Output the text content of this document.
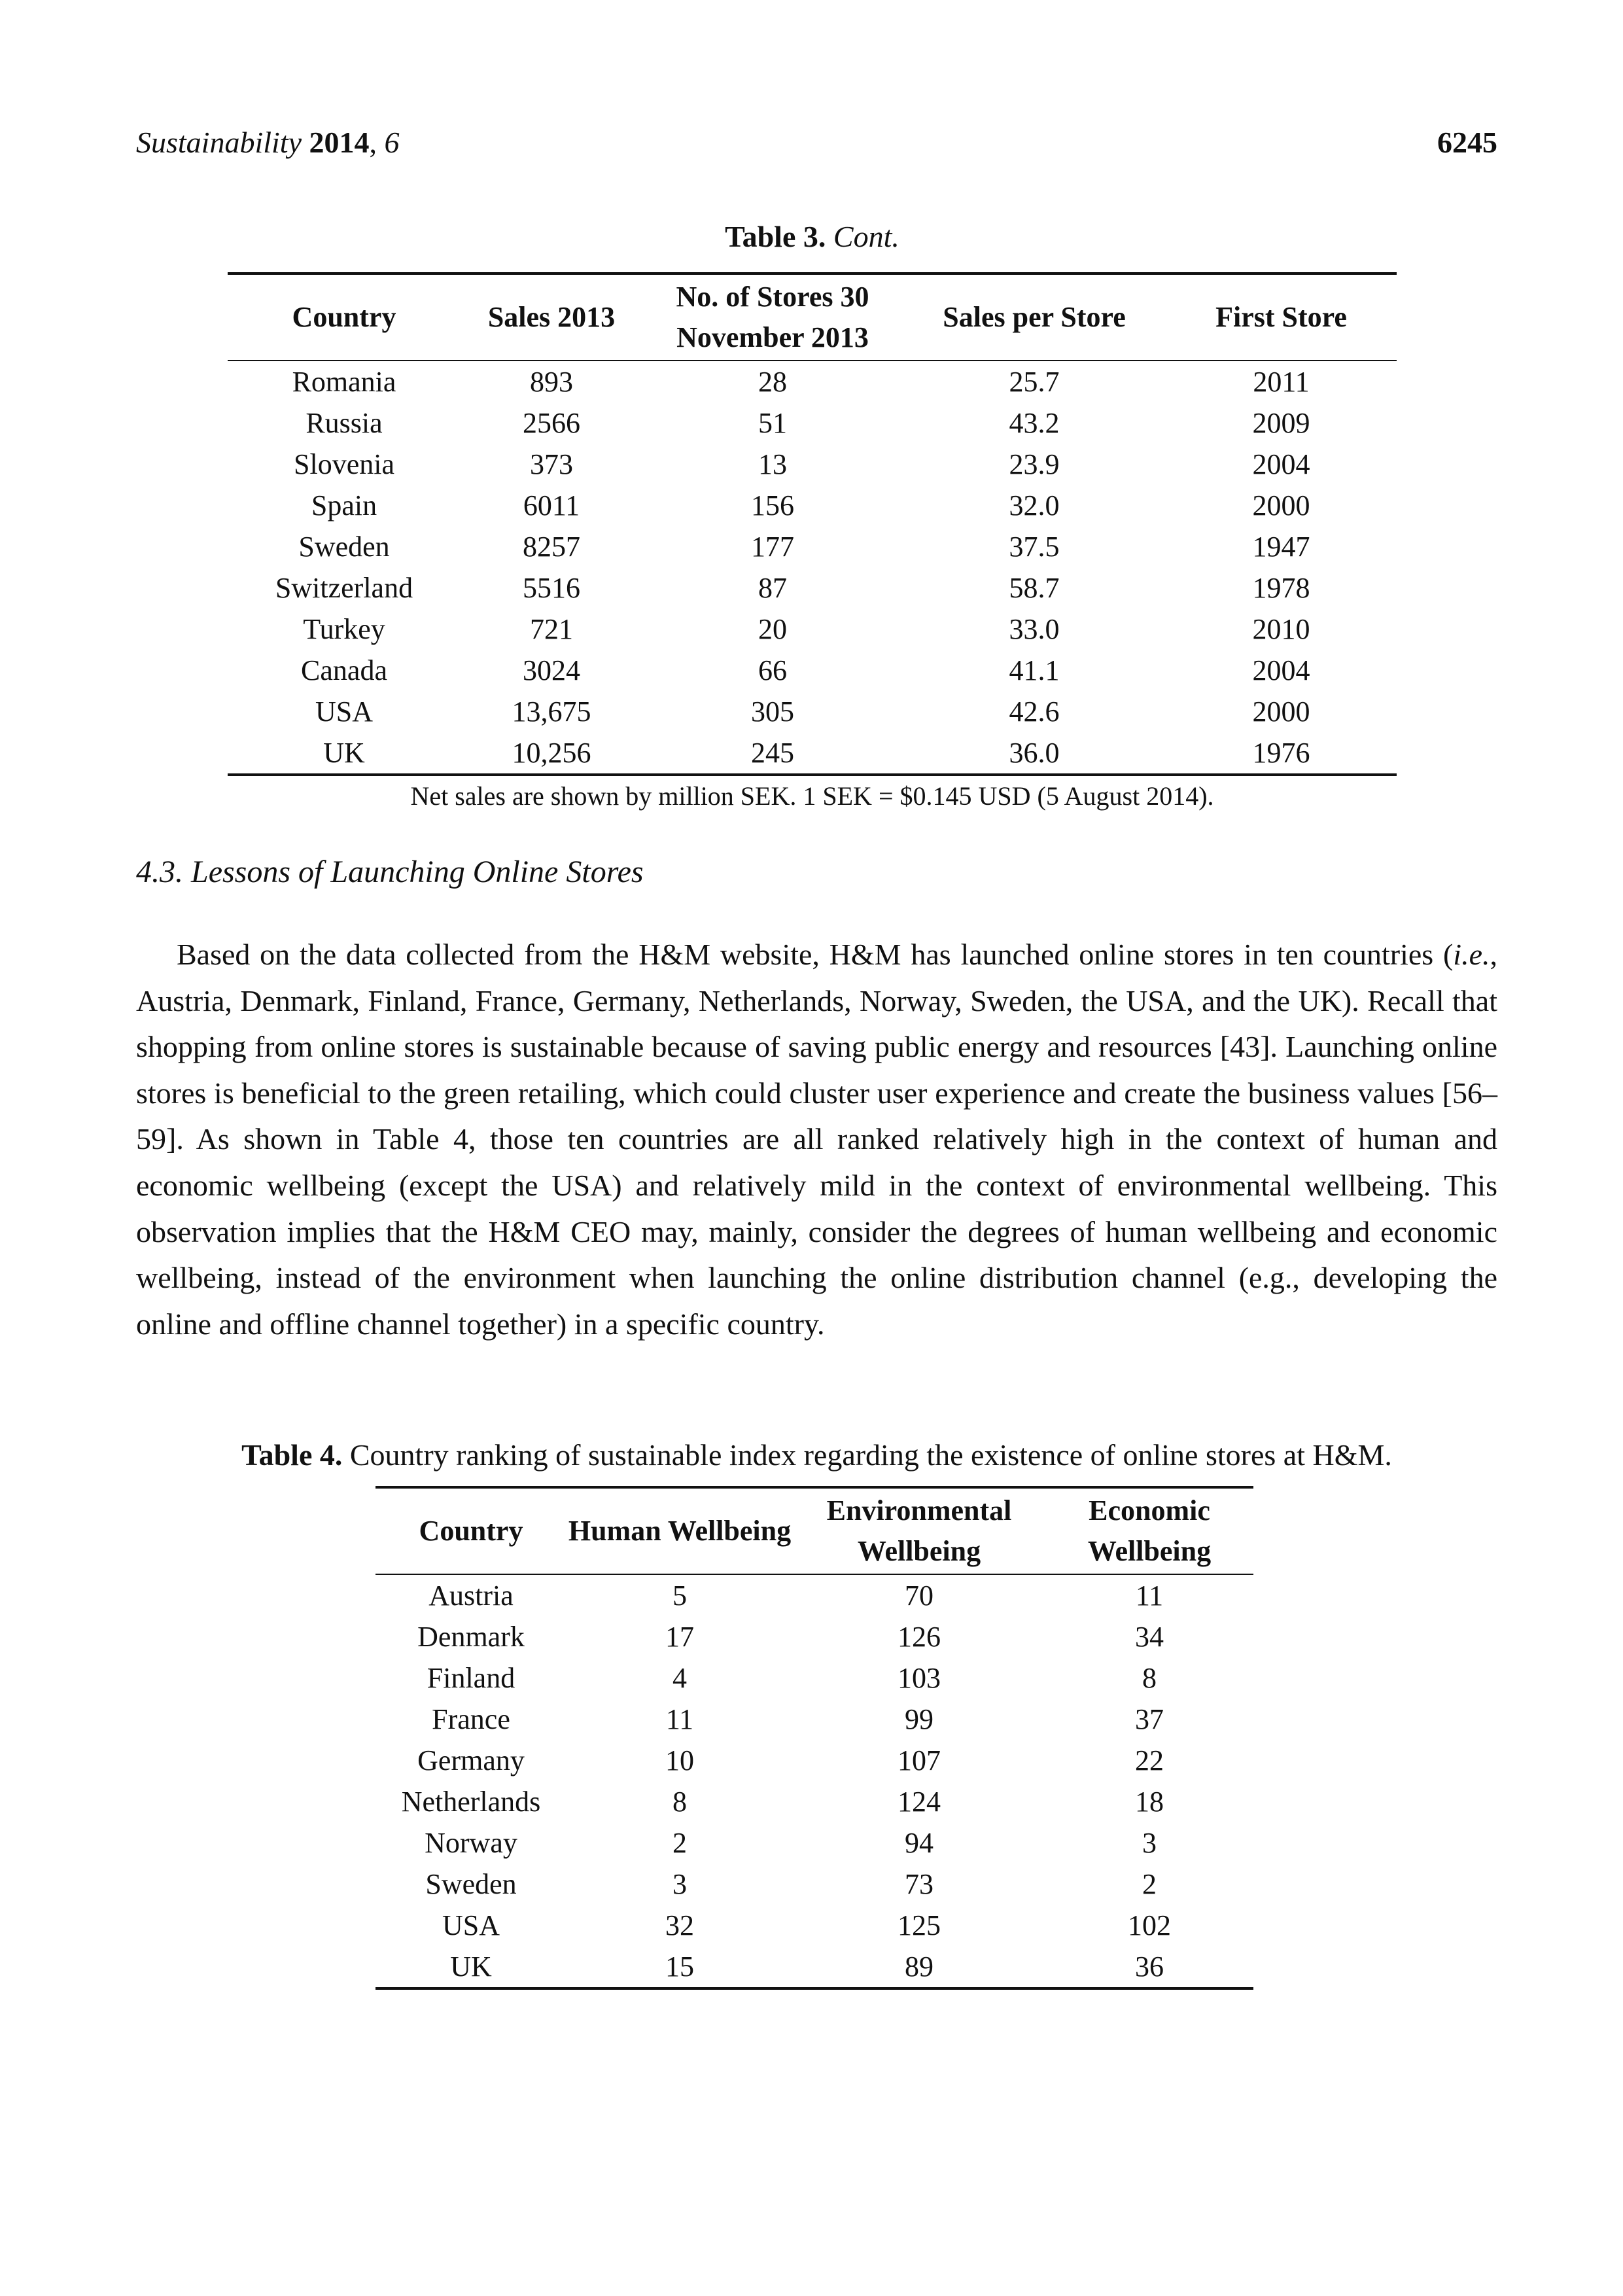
Sustainability 2014, 6	6245
Table 3. Cont.
Country	Sales 2013	No. of Stores 30 November 2013	Sales per Store	First Store
Romania	893	28	25.7	2011
Russia	2566	51	43.2	2009
Slovenia	373	13	23.9	2004
Spain	6011	156	32.0	2000
Sweden	8257	177	37.5	1947
Switzerland	5516	87	58.7	1978
Turkey	721	20	33.0	2010
Canada	3024	66	41.1	2004
USA	13,675	305	42.6	2000
UK	10,256	245	36.0	1976
Net sales are shown by million SEK. 1 SEK = $0.145 USD (5 August 2014).
4.3. Lessons of Launching Online Stores

Based on the data collected from the H&M website, H&M has launched online stores in ten countries (i.e., Austria, Denmark, Finland, France, Germany, Netherlands, Norway, Sweden, the USA, and the UK). Recall that shopping from online stores is sustainable because of saving public energy and resources [43]. Launching online stores is beneficial to the green retailing, which could cluster user experience and create the business values [56–59]. As shown in Table 4, those ten countries are all ranked relatively high in the context of human and economic wellbeing (except the USA) and relatively mild in the context of environmental wellbeing. This observation implies that the H&M CEO may, mainly, consider the degrees of human wellbeing and economic wellbeing, instead of the environment when launching the online distribution channel (e.g., developing the online and offline channel together) in a specific country.

Table 4. Country ranking of sustainable index regarding the existence of online stores at H&M.
Country	Human Wellbeing	Environmental Wellbeing	Economic Wellbeing
Austria	5	70	11
Denmark	17	126	34
Finland	4	103	8
France	11	99	37
Germany	10	107	22
Netherlands	8	124	18
Norway	2	94	3
Sweden	3	73	2
USA	32	125	102
UK	15	89	36
